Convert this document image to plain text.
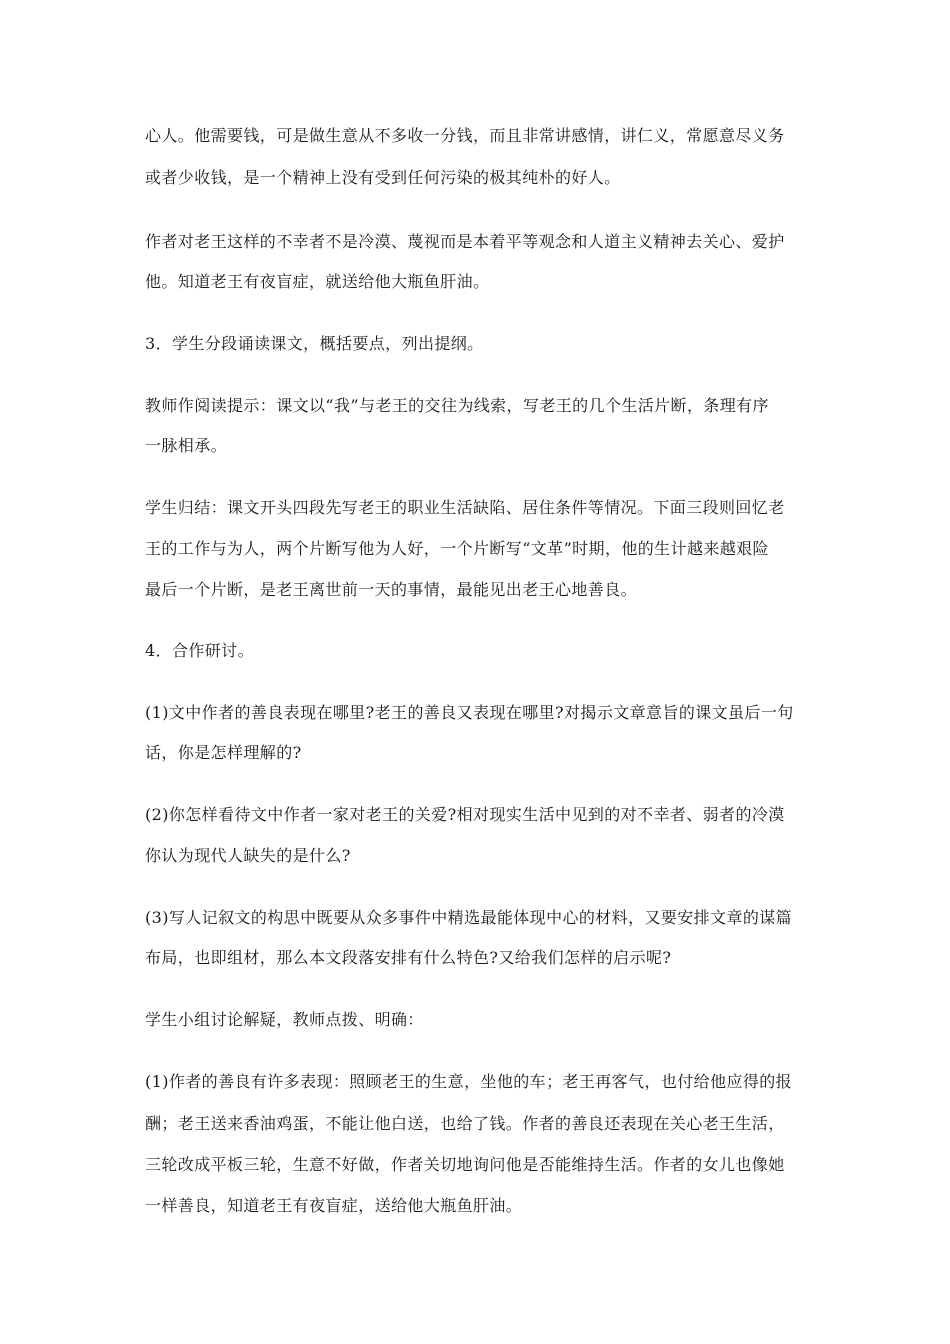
心人。他需要钱，可是做生意从不多收一分钱，而且非常讲感情，讲仁义，常愿意尽义务

或者少收钱，是一个精神上没有受到任何污染的极其纯朴的好人。

作者对老王这样的不幸者不是冷漠、蔑视而是本着平等观念和人道主义精神去关心、爱护

他。知道老王有夜盲症，就送给他大瓶鱼肝油。

3．学生分段诵读课文，概括要点，列出提纲。

教师作阅读提示：课文以“我”与老王的交往为线索，写老王的几个生活片断，条理有序

一脉相承。

学生归结：课文开头四段先写老王的职业生活缺陷、居住条件等情况。下面三段则回忆老

王的工作与为人，两个片断写他为人好，一个片断写“文革”时期，他的生计越来越艰险

最后一个片断，是老王离世前一天的事情，最能见出老王心地善良。

4．合作研讨。

(1)文中作者的善良表现在哪里?老王的善良又表现在哪里?对揭示文章意旨的课文虽后一句

话，你是怎样理解的?

(2)你怎样看待文中作者一家对老王的关爱?相对现实生活中见到的对不幸者、弱者的冷漠

你认为现代人缺失的是什么?

(3)写人记叙文的构思中既要从众多事件中精选最能体现中心的材料，又要安排文章的谋篇

布局，也即组材，那么本文段落安排有什么特色?又给我们怎样的启示呢?

学生小组讨论解疑，教师点拨、明确：

(1)作者的善良有许多表现：照顾老王的生意，坐他的车；老王再客气，也付给他应得的报

酬；老王送来香油鸡蛋，不能让他白送，也给了钱。作者的善良还表现在关心老王生活，

三轮改成平板三轮，生意不好做，作者关切地询问他是否能维持生活。作者的女儿也像她

一样善良，知道老王有夜盲症，送给他大瓶鱼肝油。
